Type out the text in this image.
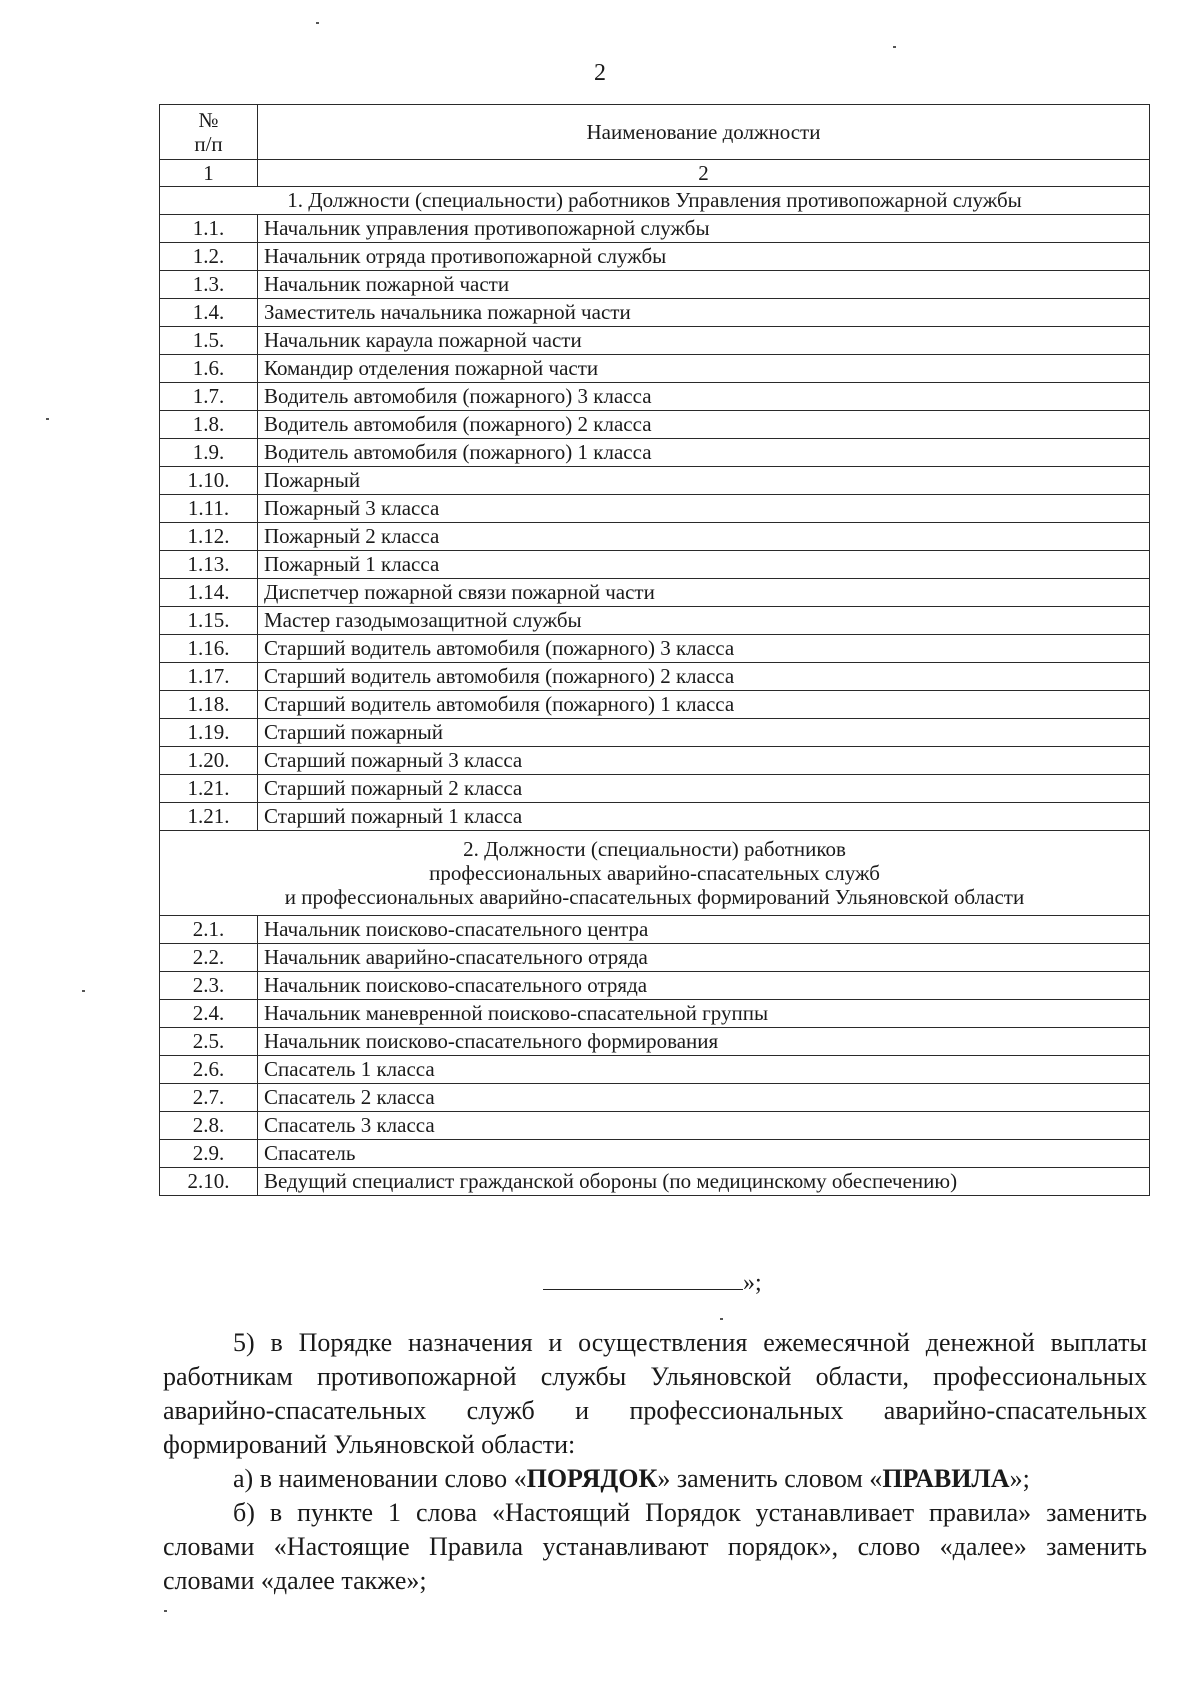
2
№
п/п	Наименование должности
1	2
1. Должности (специальности) работников Управления противопожарной службы	
1.1.	Начальник управления противопожарной службы
1.2.	Начальник отряда противопожарной службы
1.3.	Начальник пожарной части
1.4.	Заместитель начальника пожарной части
1.5.	Начальник караула пожарной части
1.6.	Командир отделения пожарной части
1.7.	Водитель автомобиля (пожарного) 3 класса
1.8.	Водитель автомобиля (пожарного) 2 класса
1.9.	Водитель автомобиля (пожарного) 1 класса
1.10.	Пожарный
1.11.	Пожарный 3 класса
1.12.	Пожарный 2 класса
1.13.	Пожарный 1 класса
1.14.	Диспетчер пожарной связи пожарной части
1.15.	Мастер газодымозащитной службы
1.16.	Старший водитель автомобиля (пожарного) 3 класса
1.17.	Старший водитель автомобиля (пожарного) 2 класса
1.18.	Старший водитель автомобиля (пожарного) 1 класса
1.19.	Старший пожарный
1.20.	Старший пожарный 3 класса
1.21.	Старший пожарный 2 класса
1.21.	Старший пожарный 1 класса

2. Должности (специальности) работников
профессиональных аварийно-спасательных служб
и профессиональных аварийно-спасательных формирований Ульяновской области	

2.1.	Начальник поисково-спасательного центра
2.2.	Начальник аварийно-спасательного отряда
2.3.	Начальник поисково-спасательного отряда
2.4.	Начальник маневренной поисково-спасательной группы
2.5.	Начальник поисково-спасательного формирования
2.6.	Спасатель 1 класса
2.7.	Спасатель 2 класса
2.8.	Спасатель 3 класса
2.9.	Спасатель
2.10.	Ведущий специалист гражданской обороны (по медицинскому обеспечению)
»;

5) в Порядке назначения и осуществления ежемесячной денежной выплаты работникам противопожарной службы Ульяновской области, профессиональных аварийно-спасательных служб и профессиональных аварийно-спасательных формирований Ульяновской области:

а) в наименовании слово «ПОРЯДОК» заменить словом «ПРАВИЛА»;

б) в пункте 1 слова «Настоящий Порядок устанавливает правила» заменить словами «Настоящие Правила устанавливают порядок», слово «далее» заменить словами «далее также»;
